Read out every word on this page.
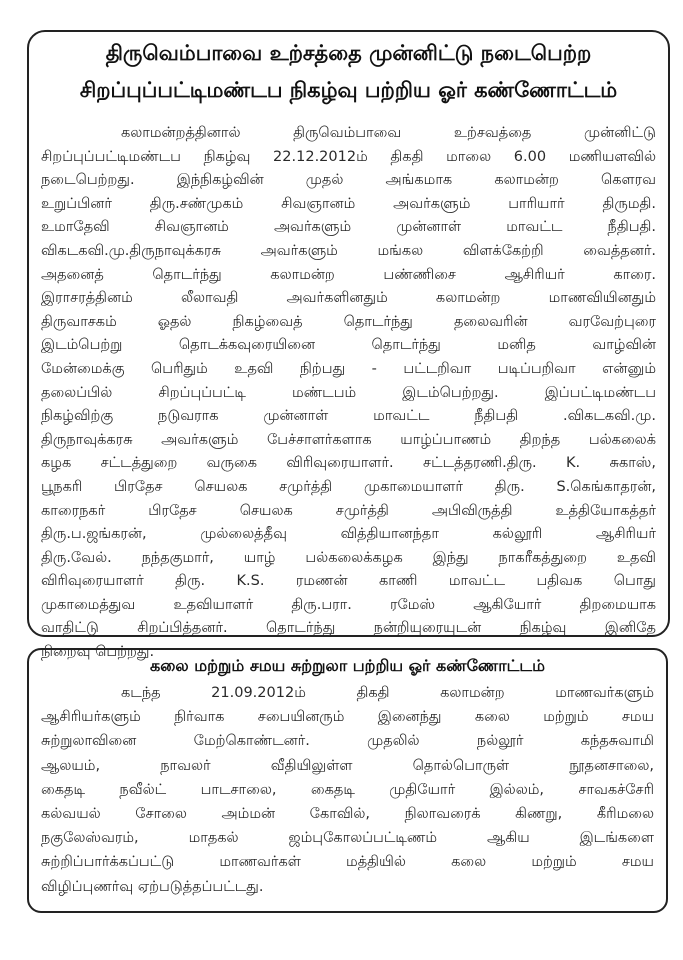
திருவெம்பாவை உற்சத்தை முன்னிட்டு நடைபெற்ற
சிறப்புப்பட்டிமண்டப நிகழ்வு பற்றிய ஓர் கண்ணோட்டம்
கலாமன்றத்தினால் திருவெம்பாவை உற்சவத்தை முன்னிட்டு
சிறப்புப்பட்டிமண்டப நிகழ்வு 22.12.2012ம் திகதி மாலை 6.00 மணியளவில்
நடைபெற்றது. இந்நிகழ்வின் முதல் அங்கமாக கலாமன்ற கௌரவ
உறுப்பினர் திரு.சண்முகம் சிவஞானம் அவர்களும் பாரியார் திருமதி.
உமாதேவி சிவஞானம் அவர்களும் முன்னாள் மாவட்ட நீதிபதி.
விகடகவி.மு.திருநாவுக்கரசு அவர்களும் மங்கல விளக்கேற்றி வைத்தனர்.
அதனைத் தொடர்ந்து கலாமன்ற பண்ணிசை ஆசிரியர் காரை.
இராசரத்தினம் லீலாவதி அவர்களினதும் கலாமன்ற மாணவியினதும்
திருவாசகம் ஓதல் நிகழ்வைத் தொடர்ந்து தலைவரின் வரவேற்புரை
இடம்பெற்று தொடக்கவுரையினை தொடர்ந்து மனித வாழ்வின்
மேன்மைக்கு பெரிதும் உதவி நிற்பது - பட்டறிவா படிப்பறிவா என்னும்
தலைப்பில் சிறப்புப்பட்டி மண்டபம் இடம்பெற்றது. இப்பட்டிமண்டப
நிகழ்விற்கு நடுவராக முன்னாள் மாவட்ட நீதிபதி .விகடகவி.மு.
திருநாவுக்கரசு அவர்களும் பேச்சாளர்களாக யாழ்ப்பாணம் திறந்த பல்கலைக்
கழக சட்டத்துறை வருகை விரிவுரையாளர். சட்டத்தரணி.திரு. K. சுகாஸ்,
பூநகரி பிரதேச செயலக சமுர்த்தி முகாமையாளர் திரு. S.கெங்காதரன்,
காரைநகர் பிரதேச செயலக சமுர்த்தி அபிவிருத்தி உத்தியோகத்தர்
திரு.ப.ஜங்கரன், முல்லைத்தீவு வித்தியானந்தா கல்லூரி ஆசிரியர்
திரு.வேல். நந்தகுமார், யாழ் பல்கலைக்கழக இந்து நாகரீகத்துறை உதவி
விரிவுரையாளர் திரு. K.S. ரமணன் காணி மாவட்ட பதிவக பொது
முகாமைத்துவ உதவியாளர் திரு.பரா. ரமேஸ் ஆகியோர் திறமையாக
வாதிட்டு சிறப்பித்தனர். தொடர்ந்து நன்றியுரையுடன் நிகழ்வு இனிதே
நிறைவு பெற்றது.
கலை மற்றும் சமய சுற்றுலா பற்றிய ஓர் கண்ணோட்டம்
கடந்த 21.09.2012ம் திகதி கலாமன்ற மாணவர்களும்
ஆசிரியர்களும் நிர்வாக சபையினரும் இனைந்து கலை மற்றும் சமய
சுற்றுலாவினை மேற்கொண்டனர். முதலில் நல்லூர் கந்தசுவாமி
ஆலயம், நாவலர் வீதியிலுள்ள தொல்பொருள் நூதனசாலை,
கைதடி நவீல்ட் பாடசாலை, கைதடி முதியோர் இல்லம், சாவகச்சேரி
கல்வயல் சோலை அம்மன் கோவில், நிலாவரைக் கிணறு, கீரிமலை
நகுலேஸ்வரம், மாதகல் ஜம்புகோலப்பட்டிணம் ஆகிய இடங்களை
சுற்றிப்பார்க்கப்பட்டு மாணவர்கள் மத்தியில் கலை மற்றும் சமய
விழிப்புணர்வு ஏற்படுத்தப்பட்டது.
